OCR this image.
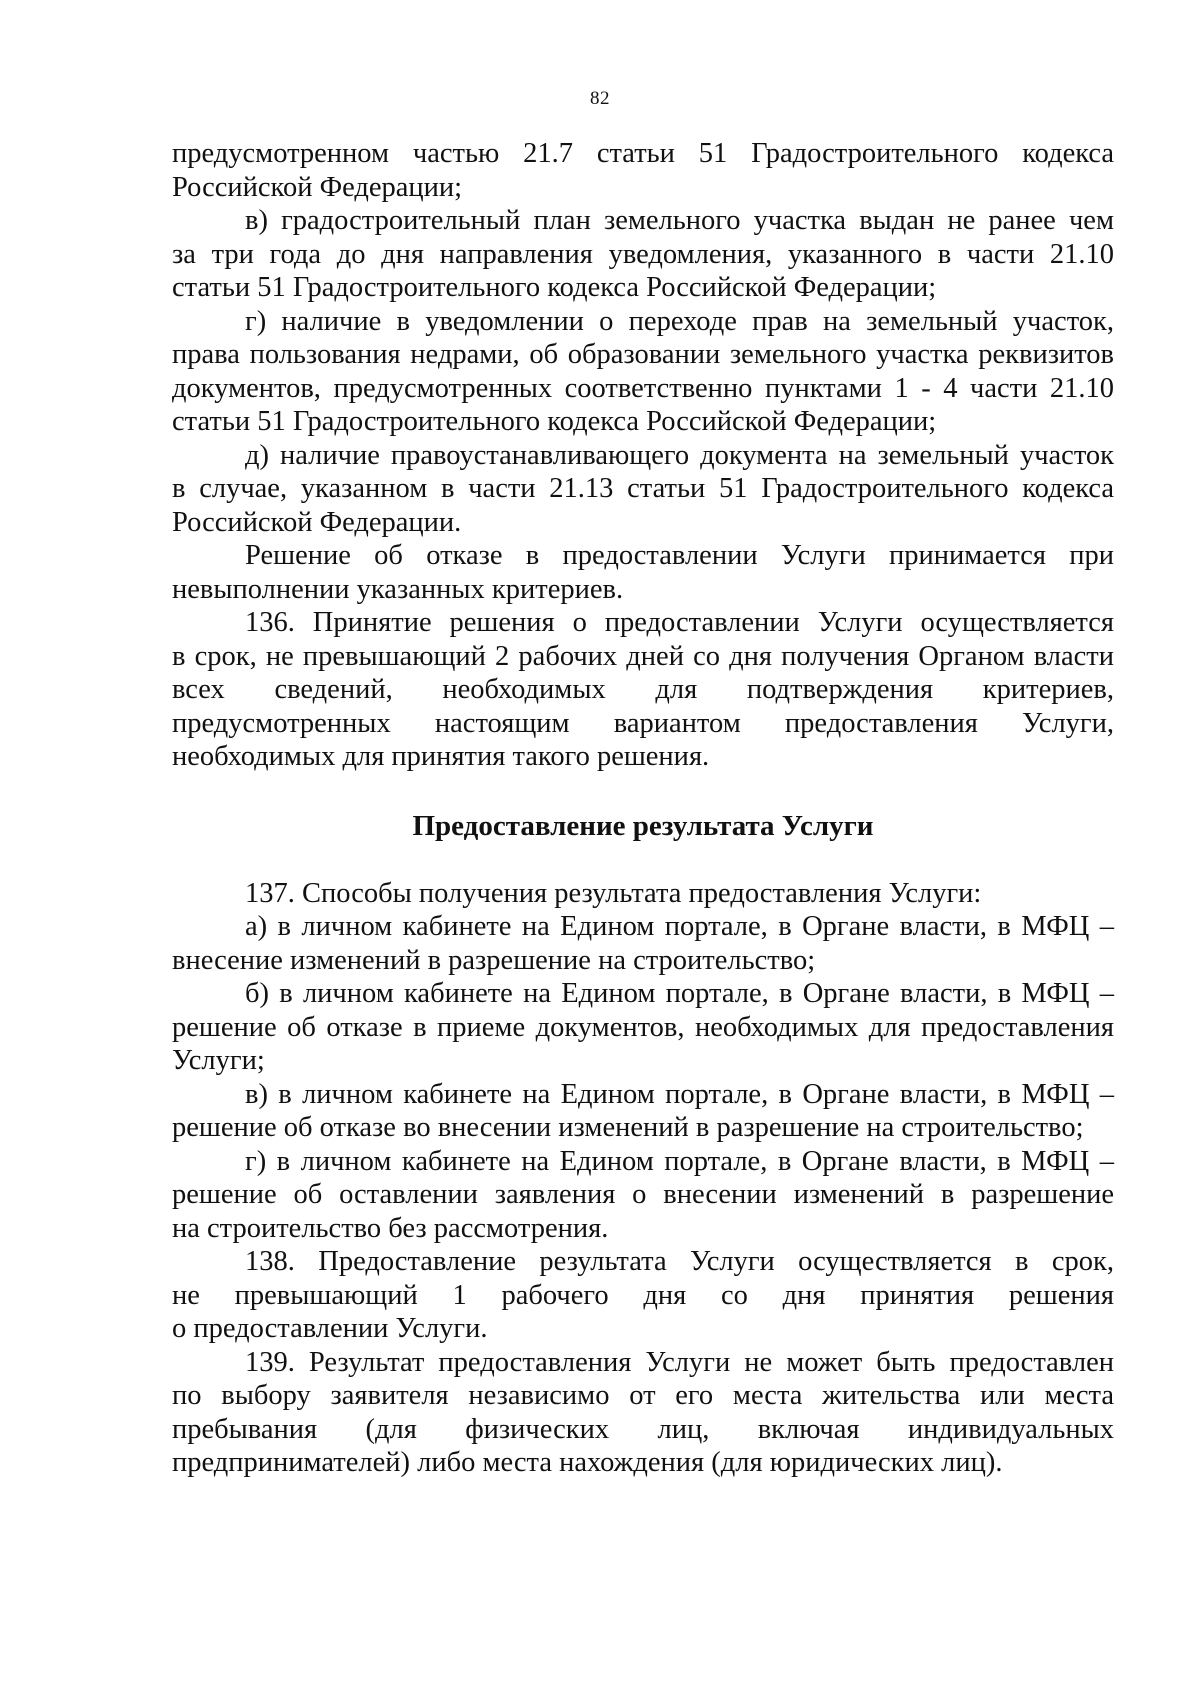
82
предусмотренном частью 21.7 статьи 51 Градостроительного кодекса
Российской Федерации;
в) градостроительный план земельного участка выдан не ранее чем
за три года до дня направления уведомления, указанного в части 21.10
статьи 51 Градостроительного кодекса Российской Федерации;
г) наличие в уведомлении о переходе прав на земельный участок,
права пользования недрами, об образовании земельного участка реквизитов
документов, предусмотренных соответственно пунктами 1 - 4 части 21.10
статьи 51 Градостроительного кодекса Российской Федерации;
д) наличие правоустанавливающего документа на земельный участок
в случае, указанном в части 21.13 статьи 51 Градостроительного кодекса
Российской Федерации.
Решение об отказе в предоставлении Услуги принимается при
невыполнении указанных критериев.
136. Принятие решения о предоставлении Услуги осуществляется
в срок, не превышающий 2 рабочих дней со дня получения Органом власти
всех сведений, необходимых для подтверждения критериев,
предусмотренных настоящим вариантом предоставления Услуги,
необходимых для принятия такого решения.
Предоставление результата Услуги
137. Способы получения результата предоставления Услуги:
а) в личном кабинете на Едином портале, в Органе власти, в МФЦ –
внесение изменений в разрешение на строительство;
б) в личном кабинете на Едином портале, в Органе власти, в МФЦ –
решение об отказе в приеме документов, необходимых для предоставления
Услуги;
в) в личном кабинете на Едином портале, в Органе власти, в МФЦ –
решение об отказе во внесении изменений в разрешение на строительство;
г) в личном кабинете на Едином портале, в Органе власти, в МФЦ –
решение об оставлении заявления о внесении изменений в разрешение
на строительство без рассмотрения.
138. Предоставление результата Услуги осуществляется в срок,
не превышающий 1 рабочего дня со дня принятия решения
о предоставлении Услуги.
139. Результат предоставления Услуги не может быть предоставлен
по выбору заявителя независимо от его места жительства или места
пребывания (для физических лиц, включая индивидуальных
предпринимателей) либо места нахождения (для юридических лиц).
